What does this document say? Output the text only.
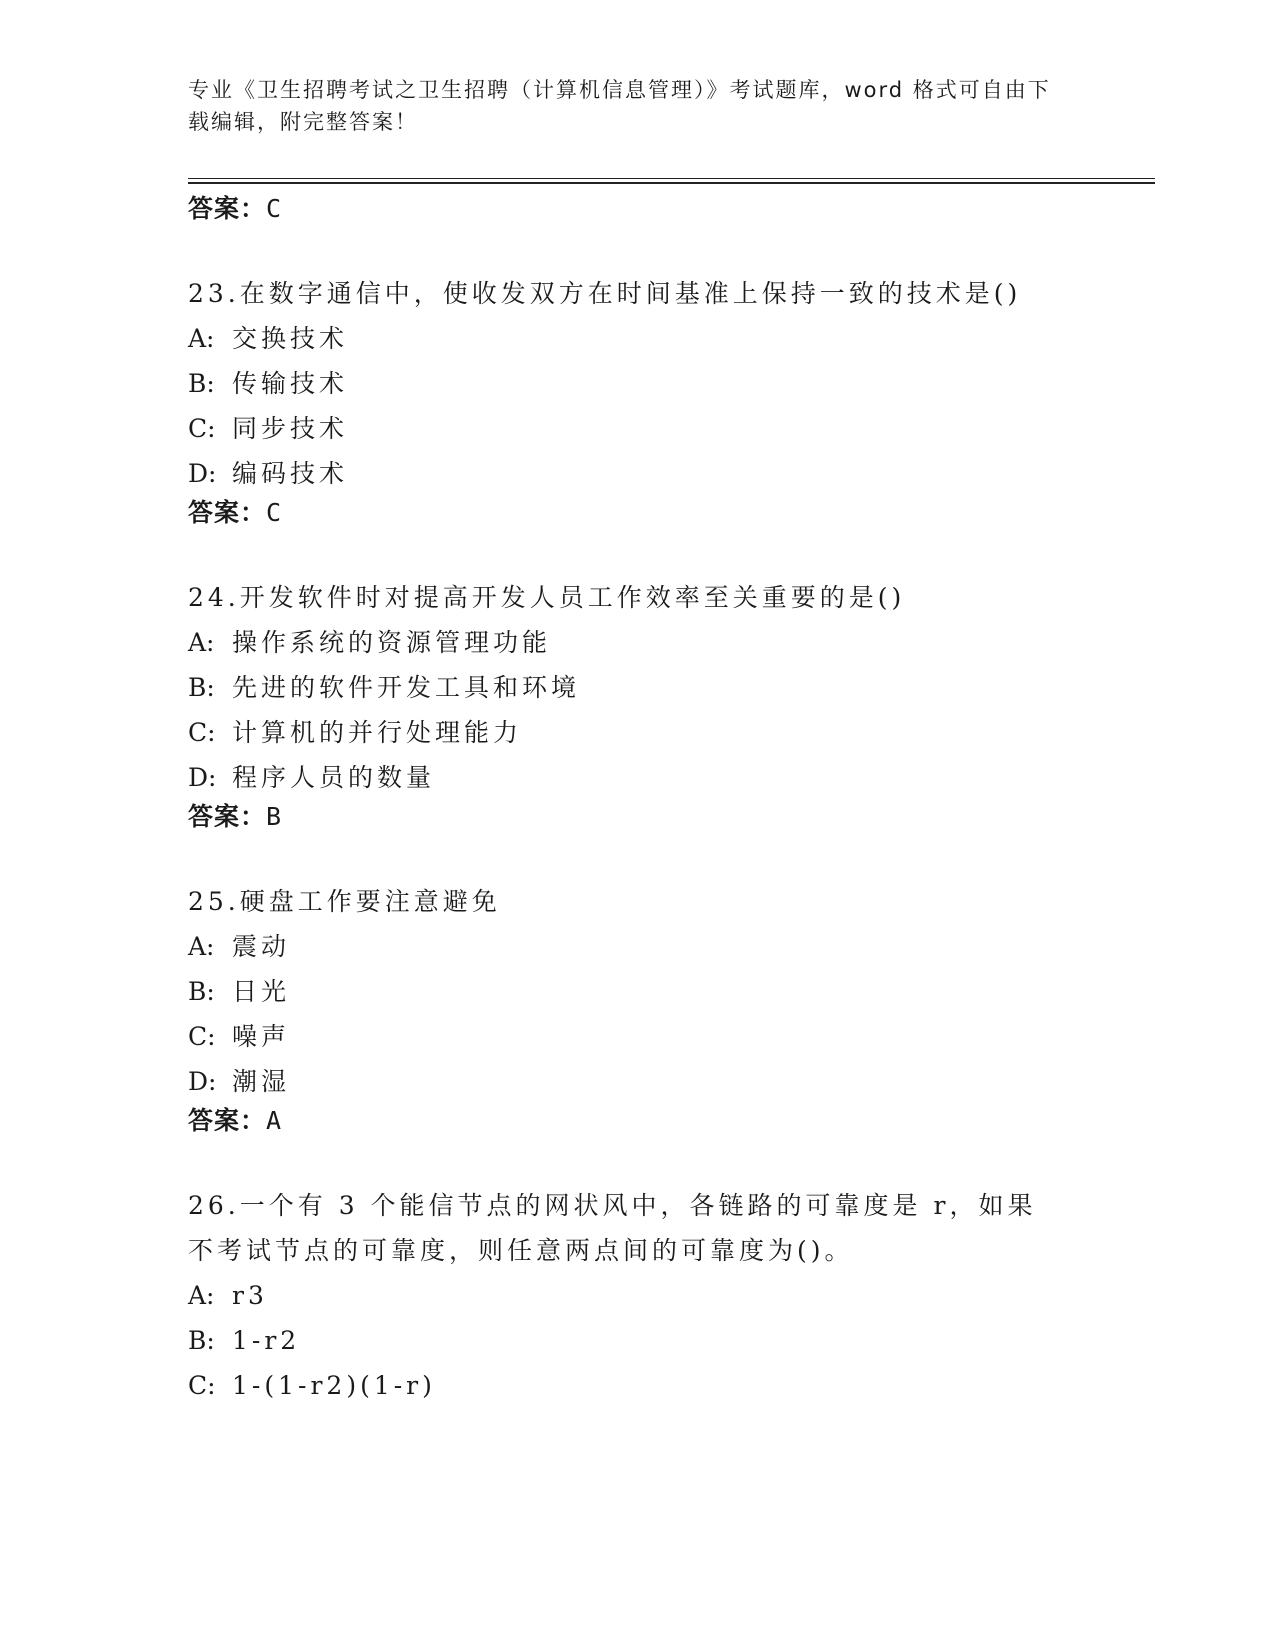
专业《卫生招聘考试之卫生招聘（计算机信息管理）》考试题库，word 格式可自由下载编辑，附完整答案！
答案：C
23.在数字通信中，使收发双方在时间基准上保持一致的技术是()
A: 交换技术
B: 传输技术
C: 同步技术
D: 编码技术
答案：C
24.开发软件时对提高开发人员工作效率至关重要的是()
A: 操作系统的资源管理功能
B: 先进的软件开发工具和环境
C: 计算机的并行处理能力
D: 程序人员的数量
答案：B
25.硬盘工作要注意避免
A: 震动
B: 日光
C: 噪声
D: 潮湿
答案：A
26.一个有 3 个能信节点的网状风中，各链路的可靠度是 r，如果不考试节点的可靠度，则任意两点间的可靠度为()。
A: r3
B: 1-r2
C: 1-(1-r2)(1-r)
